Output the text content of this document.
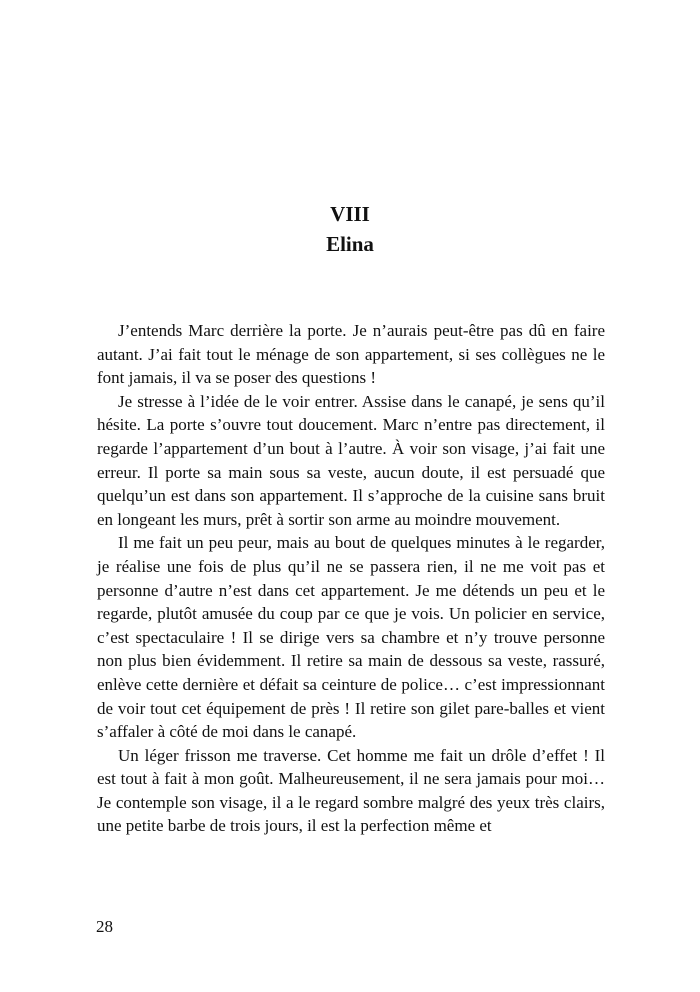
VIII
Elina

J’entends Marc derrière la porte. Je n’aurais peut-être pas dû en faire autant. J’ai fait tout le ménage de son appartement, si ses collègues ne le font jamais, il va se poser des questions !

Je stresse à l’idée de le voir entrer. Assise dans le canapé, je sens qu’il hésite. La porte s’ouvre tout doucement. Marc n’entre pas directement, il regarde l’appartement d’un bout à l’autre. À voir son visage, j’ai fait une erreur. Il porte sa main sous sa veste, aucun doute, il est persuadé que quelqu’un est dans son appartement. Il s’approche de la cuisine sans bruit en longeant les murs, prêt à sortir son arme au moindre mouvement.

Il me fait un peu peur, mais au bout de quelques minutes à le regarder, je réalise une fois de plus qu’il ne se passera rien, il ne me voit pas et personne d’autre n’est dans cet appartement. Je me détends un peu et le regarde, plutôt amusée du coup par ce que je vois. Un policier en service, c’est spectaculaire ! Il se dirige vers sa chambre et n’y trouve personne non plus bien évidemment. Il retire sa main de dessous sa veste, rassuré, enlève cette dernière et défait sa ceinture de police… c’est impressionnant de voir tout cet équipement de près ! Il retire son gilet pare-balles et vient s’affaler à côté de moi dans le canapé.

Un léger frisson me traverse. Cet homme me fait un drôle d’effet ! Il est tout à fait à mon goût. Malheureusement, il ne sera jamais pour moi… Je contemple son visage, il a le regard sombre malgré des yeux très clairs, une petite barbe de trois jours, il est la perfection même et

28
